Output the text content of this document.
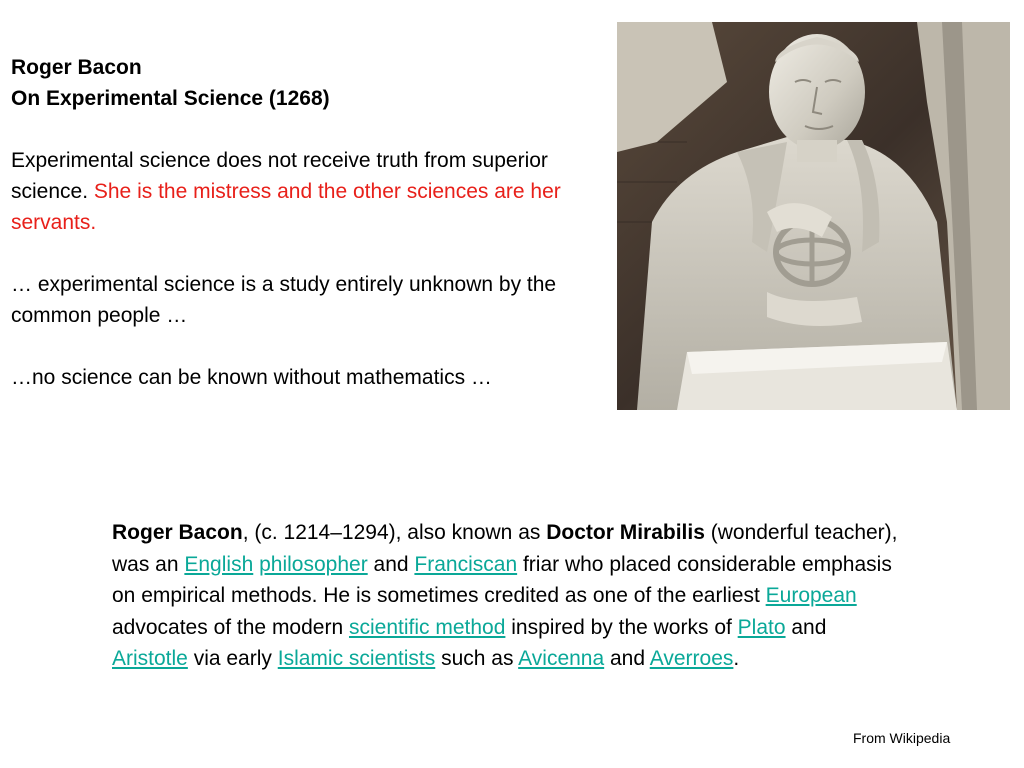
Roger Bacon

On Experimental Science (1268)

Experimental science does not receive truth from superior science. She is the mistress and the other sciences are her servants.

… experimental science is a study entirely unknown by the common people …

…no science can be known without mathematics …

Roger Bacon, (c. 1214–1294), also known as Doctor Mirabilis (wonderful teacher), was an English philosopher and Franciscan friar who placed considerable emphasis on empirical methods. He is sometimes credited as one of the earliest European advocates of the modern scientific method inspired by the works of Plato and Aristotle via early Islamic scientists such as Avicenna and Averroes.
From Wikipedia
